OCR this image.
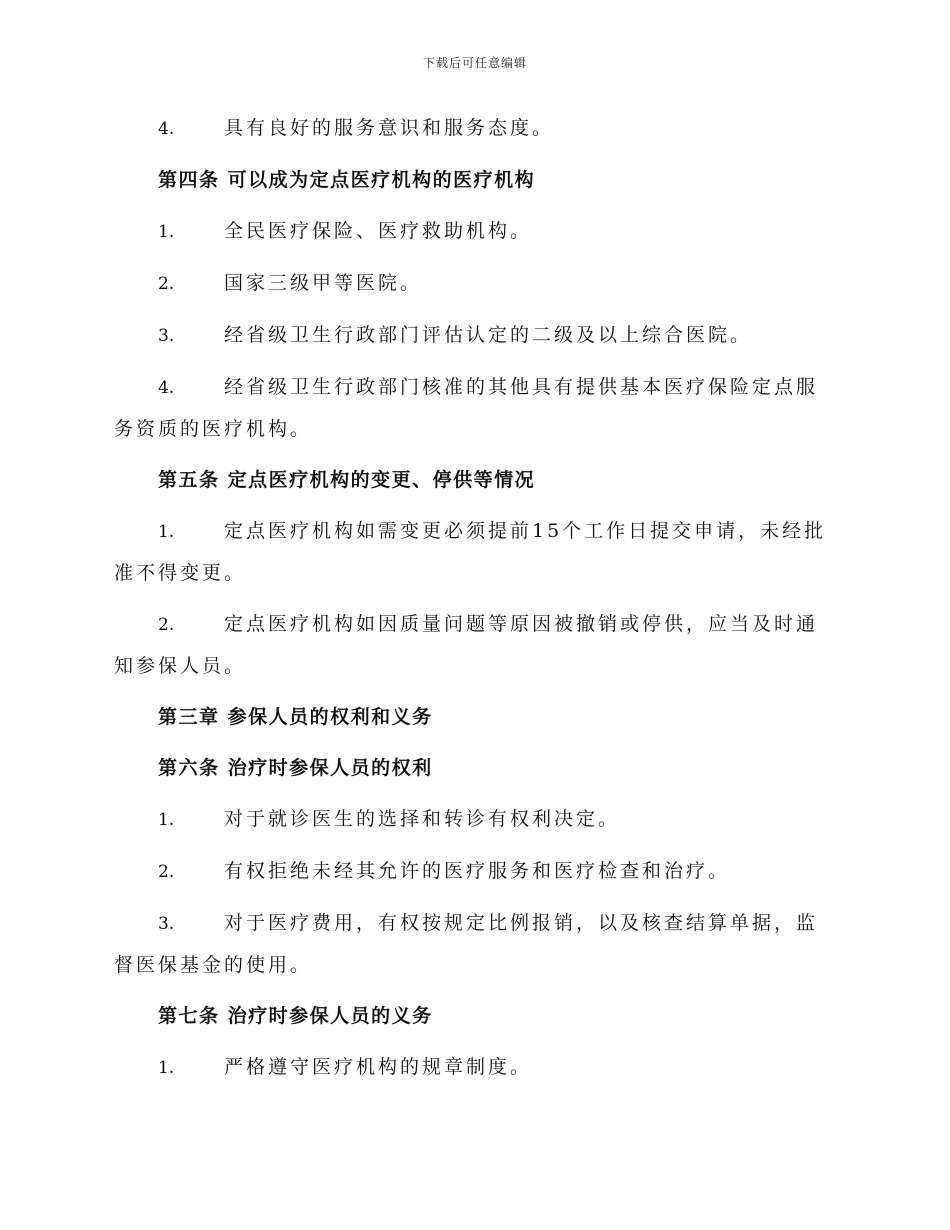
下载后可任意编辑

4.	具有良好的服务意识和服务态度。

第四条 可以成为定点医疗机构的医疗机构

1.	全民医疗保险、医疗救助机构。

2.	国家三级甲等医院。

3.	经省级卫生行政部门评估认定的二级及以上综合医院。

4.	经省级卫生行政部门核准的其他具有提供基本医疗保险定点服务资质的医疗机构。

第五条 定点医疗机构的变更、停供等情况

1.	定点医疗机构如需变更必须提前15个工作日提交申请，未经批准不得变更。

2.	定点医疗机构如因质量问题等原因被撤销或停供，应当及时通知参保人员。

第三章 参保人员的权利和义务

第六条 治疗时参保人员的权利

1.	对于就诊医生的选择和转诊有权利决定。

2.	有权拒绝未经其允许的医疗服务和医疗检查和治疗。

3.	对于医疗费用，有权按规定比例报销，以及核查结算单据，监督医保基金的使用。

第七条 治疗时参保人员的义务

1.	严格遵守医疗机构的规章制度。
